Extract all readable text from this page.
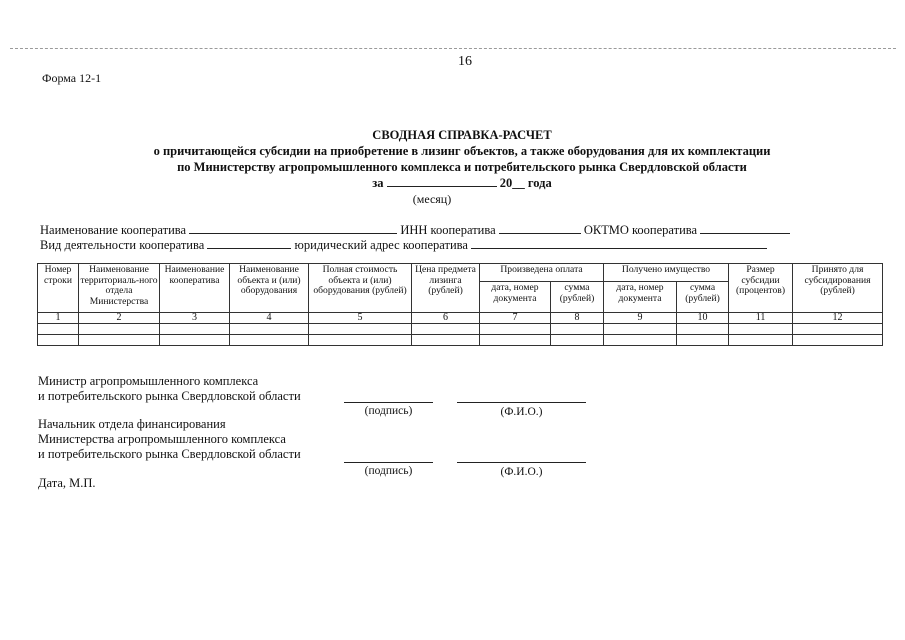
16
Форма 12-1
СВОДНАЯ СПРАВКА-РАСЧЕТ
о причитающейся субсидии на приобретение в лизинг объектов, а также оборудования для их комплектации
по Министерству агропромышленного комплекса и потребительского рынка Свердловской области
за	20__ года
(месяц)
Наименование кооператива	ИНН кооператива	ОКТМО кооператива
Вид деятельности кооператива	юридический адрес кооператива
Номер строки	Наименование территориаль-ного отдела Министерства	Наименование кооператива	Наименование объекта и (или) оборудования	Полная стоимость объекта и (или) оборудования (рублей)	Цена предмета лизинга (рублей)	Произведена оплата		Получено имущество		Размер субсидии (процентов)	Принято для субсидирования (рублей)
						дата, номер документа	сумма (рублей)	дата, номер документа	сумма (рублей)		
1	2	3	4	5	6	7	8	9	10	11	12

Министр агропромышленного комплекса
и потребительского рынка Свердловской области
(подпись)	(Ф.И.О.)
Начальник отдела финансирования
Министерства агропромышленного комплекса
и потребительского рынка Свердловской области
(подпись)	(Ф.И.О.)
Дата, М.П.
